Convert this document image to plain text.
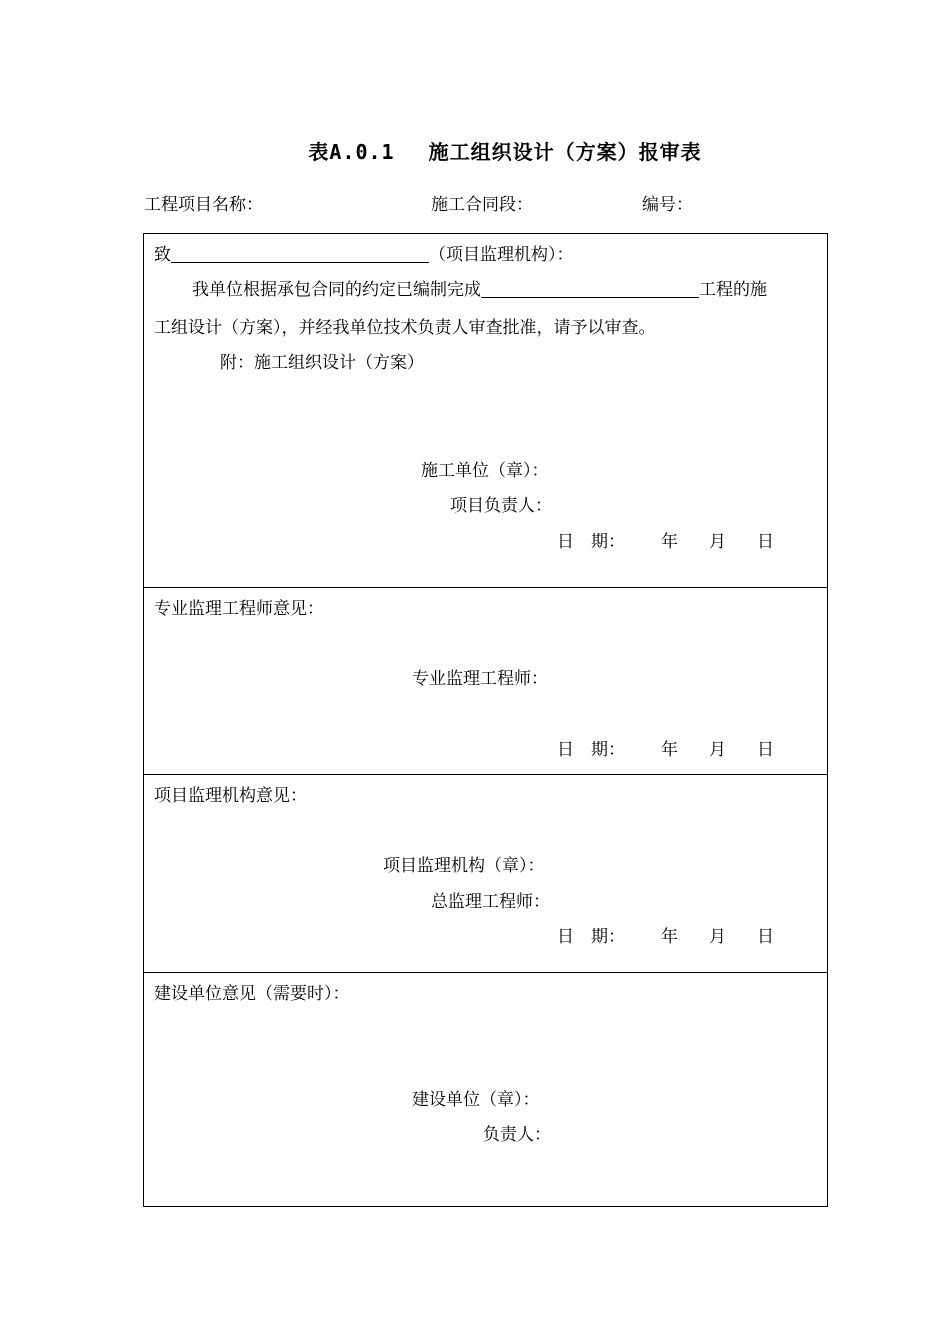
表A.0.1 施工组织设计（方案）报审表
工程项目名称：	施工合同段：	编号：
致	（项目监理机构）：
我单位根据承包合同的约定已编制完成	工程的施
工组设计（方案），并经我单位技术负责人审查批准，请予以审查。
附：施工组织设计（方案）
施工单位（章）：
项目负责人：
日　期： 年 月 日
专业监理工程师意见：
专业监理工程师：
日　期： 年 月 日
项目监理机构意见：
项目监理机构（章）：
总监理工程师：
日　期： 年 月 日
建设单位意见（需要时）：
建设单位（章）：
负责人：
